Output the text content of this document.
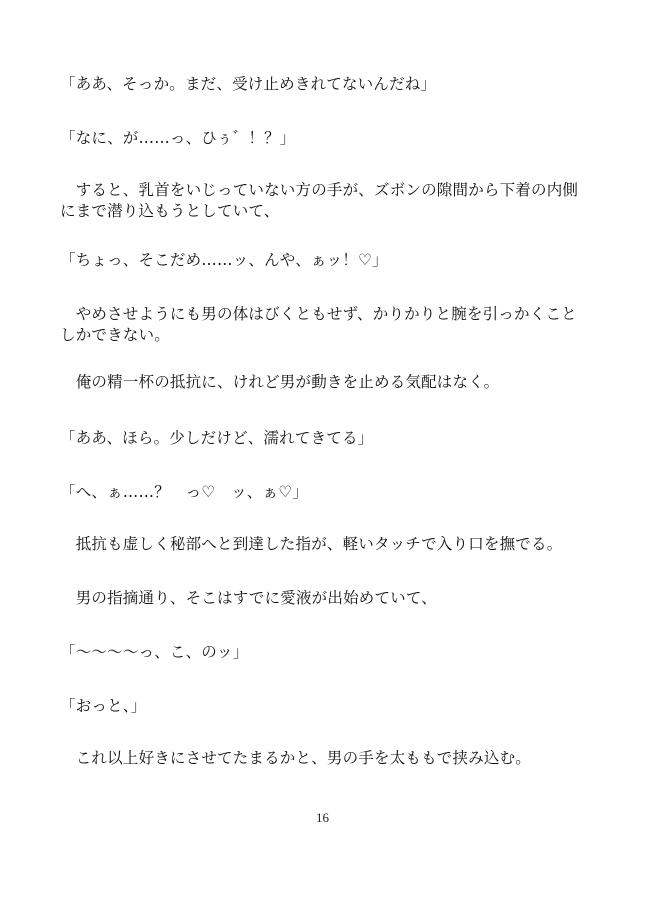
「ああ、そっか。まだ、受け止めきれてないんだね」

「なに、が……っ、ひぅ゛！？」

　すると、乳首をいじっていない方の手が、ズボンの隙間から下着の内側にまで潜り込もうとしていて、

「ちょっ、そこだめ……ッ、んや、ぁッ！♡」

　やめさせようにも男の体はびくともせず、かりかりと腕を引っかくことしかできない。

　俺の精一杯の抵抗に、けれど男が動きを止める気配はなく。

「ああ、ほら。少しだけど、濡れてきてる」

「へ、ぁ……？　っ♡　ッ、ぁ♡」

　抵抗も虚しく秘部へと到達した指が、軽いタッチで入り口を撫でる。

　男の指摘通り、そこはすでに愛液が出始めていて、

「～～～～っ、こ、のッ」

「おっと、」

　これ以上好きにさせてたまるかと、男の手を太ももで挟み込む。

16
